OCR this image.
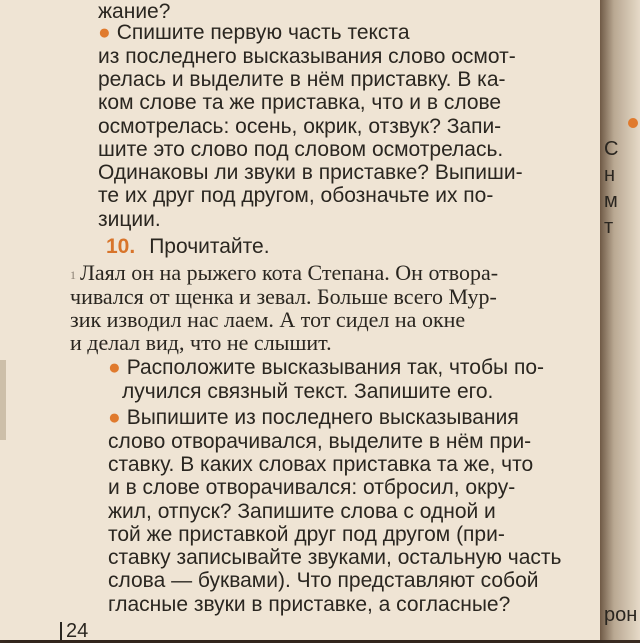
жание?
● Спишите первую часть текста
из последнего высказывания слово осмот-
релась и выделите в нём приставку. В ка-
ком слове та же приставка, что и в слове
осмотрелась: осень, окрик, отзвук? Запи-
шите это слово под словом осмотрелась.
Одинаковы ли звуки в приставке? Выпиши-
те их друг под другом, обозначьте их по-
зиции.
10. Прочитайте.
1 Лаял он на рыжего кота Степана. Он отвора-
чивался от щенка и зевал. Больше всего Мур-
зик изводил нас лаем. А тот сидел на окне
и делал вид, что не слышит.
● Расположите высказывания так, чтобы по-
лучился связный текст. Запишите его.
● Выпишите из последнего высказывания
слово отворачивался, выделите в нём при-
ставку. В каких словах приставка та же, что
и в слове отворачивался: отбросил, окру-
жил, отпуск? Запишите слова с одной и
той же приставкой друг под другом (при-
ставку записывайте звуками, остальную часть
слова — буквами). Что представляют собой
гласные звуки в приставке, а согласные?
24
С
н
м
т
рон
